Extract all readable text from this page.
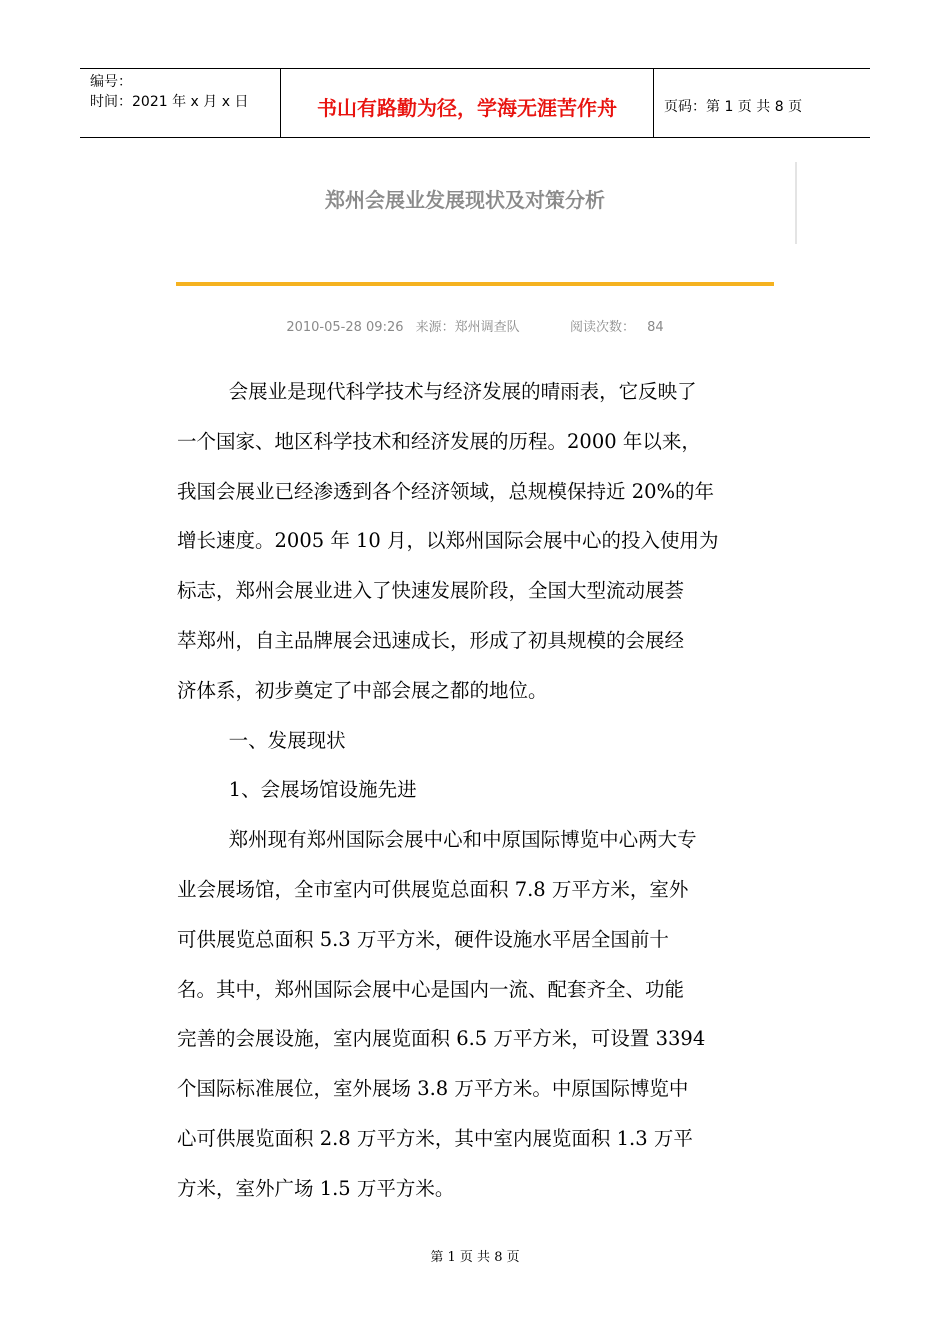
编号：
时间：2021 年 x 月 x 日	书山有路勤为径，学海无涯苦作舟	页码：第 1 页 共 8 页
郑州会展业发展现状及对策分析
2010-05-28 09:26 来源：郑州调查队	阅读次数： 84

会展业是现代科学技术与经济发展的晴雨表，它反映了
一个国家、地区科学技术和经济发展的历程。2000 年以来，
我国会展业已经渗透到各个经济领域，总规模保持近 20%的年
增长速度。2005 年 10 月，以郑州国际会展中心的投入使用为
标志，郑州会展业进入了快速发展阶段，全国大型流动展荟
萃郑州，自主品牌展会迅速成长，形成了初具规模的会展经
济体系，初步奠定了中部会展之都的地位。

一、发展现状

1、会展场馆设施先进

郑州现有郑州国际会展中心和中原国际博览中心两大专
业会展场馆，全市室内可供展览总面积 7.8 万平方米，室外
可供展览总面积 5.3 万平方米，硬件设施水平居全国前十
名。其中，郑州国际会展中心是国内一流、配套齐全、功能
完善的会展设施，室内展览面积 6.5 万平方米，可设置 3394
个国际标准展位，室外展场 3.8 万平方米。中原国际博览中
心可供展览面积 2.8 万平方米，其中室内展览面积 1.3 万平
方米，室外广场 1.5 万平方米。

第 1 页 共 8 页
